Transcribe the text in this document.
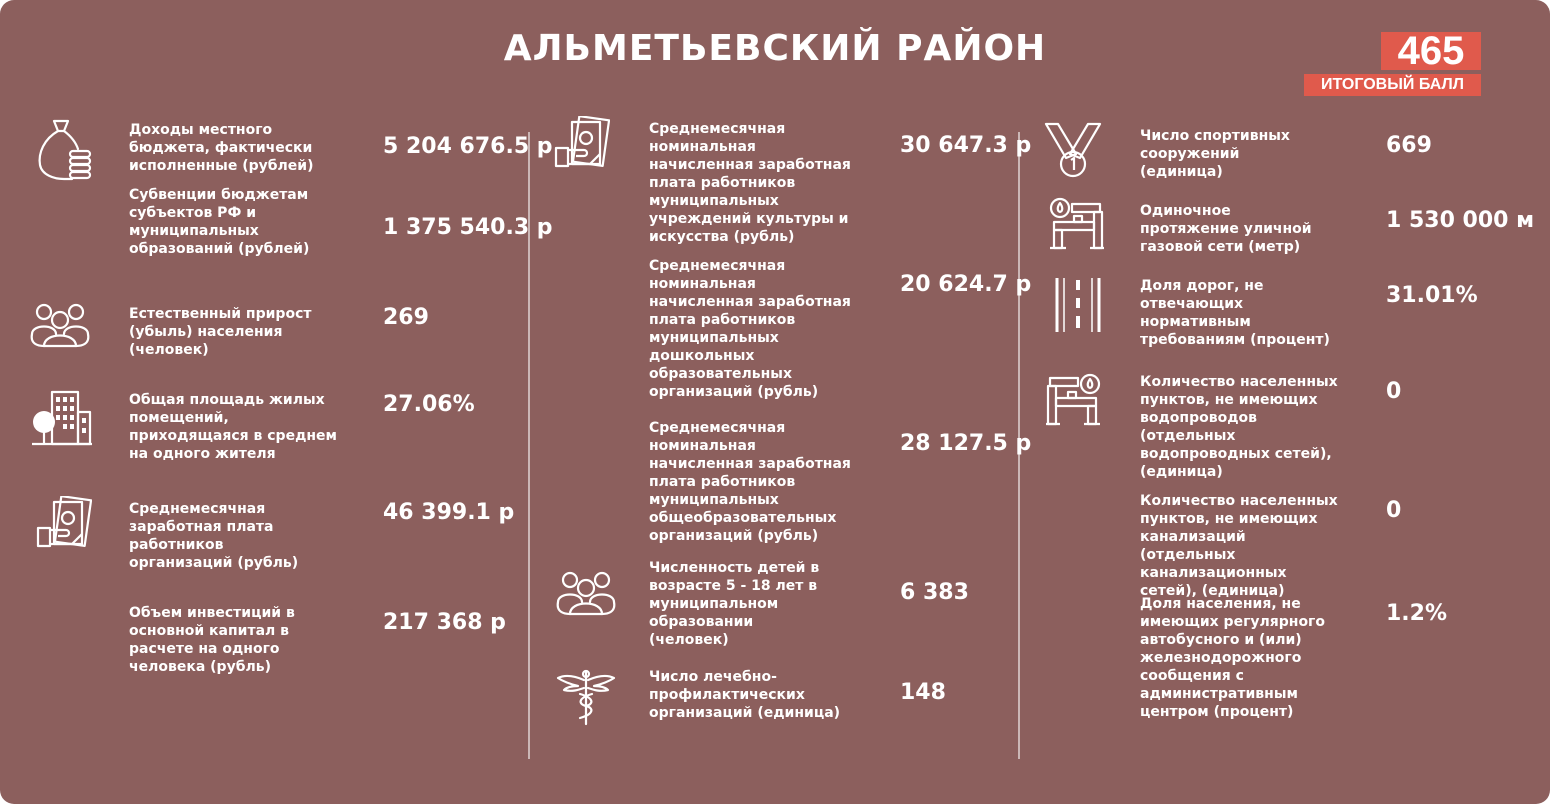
АЛЬМЕТЬЕВСКИЙ РАЙОН	465
ИТОГОВЫЙ БАЛЛ
Доходы местного бюджета, фактически исполненные (рублей)
5 204 676.5 р
Субвенции бюджетам субъектов РФ и муниципальных образований (рублей)
1 375 540.3 р
Естественный прирост (убыль) населения (человек)
269
Общая площадь жилых помещений, приходящаяся в среднем на одного жителя
27.06%
Среднемесячная заработная плата работников организаций (рубль)
46 399.1 р
Объем инвестиций в основной капитал в расчете на одного человека (рубль)
217 368 р
Среднемесячная номинальная начисленная заработная плата работников муниципальных учреждений культуры и искусства (рубль)
30 647.3 р
Среднемесячная номинальная начисленная заработная плата работников муниципальных дошкольных образовательных организаций (рубль)
20 624.7 р
Среднемесячная номинальная начисленная заработная плата работников муниципальных общеобразовательных организаций (рубль)
28 127.5 р
Численность детей в возрасте 5 - 18 лет в муниципальном образовании (человек)
6 383
Число лечебно-профилактических организаций (единица)
148
Число спортивных сооружений (единица)
669
Одиночное протяжение уличной газовой сети (метр)
1 530 000 м
Доля дорог, не отвечающих нормативным требованиям (процент)
31.01%
Количество населенных пунктов, не имеющих водопроводов (отдельных водопроводных сетей), (единица)
0
Количество населенных пунктов, не имеющих канализаций (отдельных канализационных сетей), (единица)
0
Доля населения, не имеющих регулярного автобусного и (или) железнодорожного сообщения с административным центром (процент)
1.2%
